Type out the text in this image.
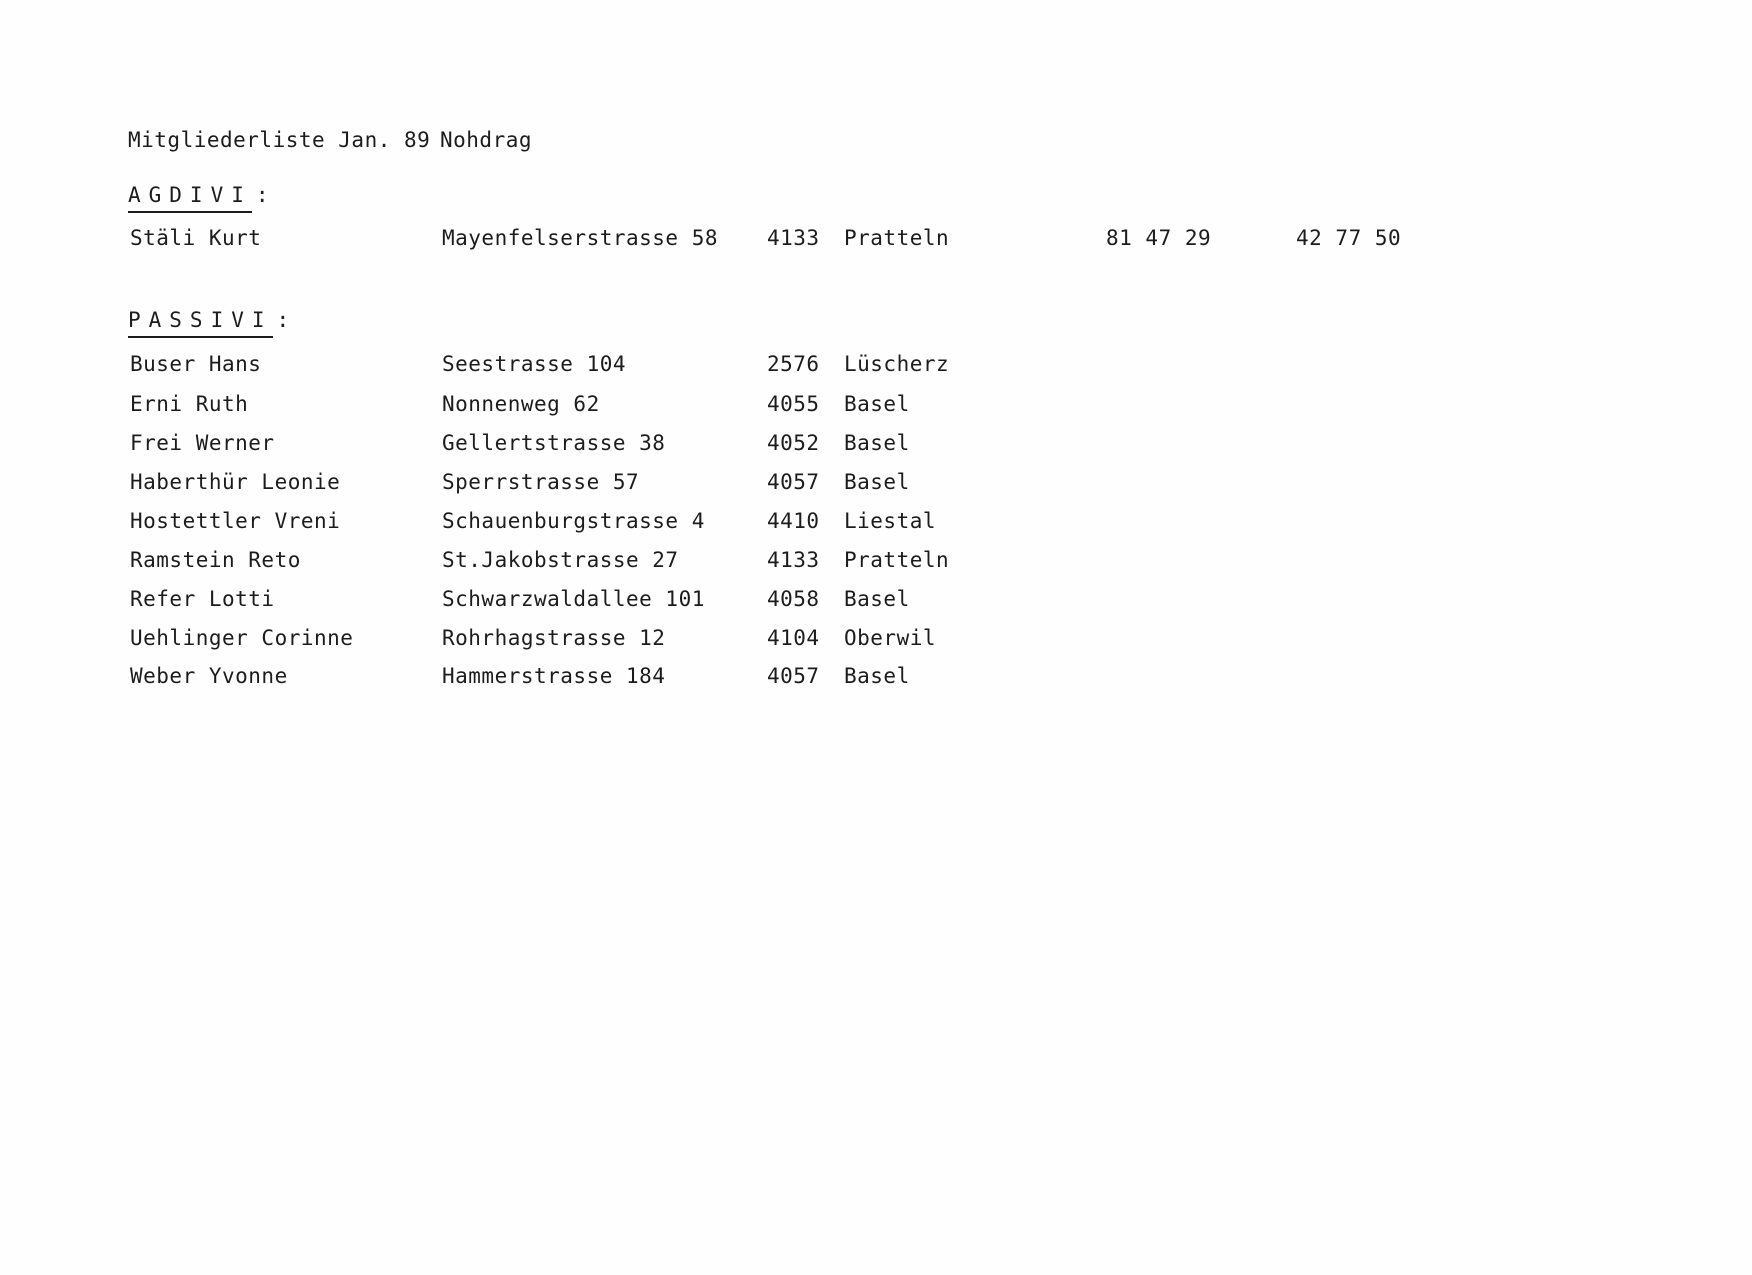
Mitgliederliste Jan. 89 Nohdrag
AGDIVI :
Stäli Kurt	Mayenfelserstrasse 58 4133 Pratteln	81 47 29	42 77 50
PASSIVI :
Buser Hans	Seestrasse 104	2576 Lüscherz
Erni Ruth	Nonnenweg 62	4055 Basel
Frei Werner	Gellertstrasse 38	4052 Basel
Haberthür Leonie	Sperrstrasse 57	4057 Basel
Hostettler Vreni	Schauenburgstrasse 4	4410 Liestal
Ramstein Reto	St.Jakobstrasse 27	4133 Pratteln
Refer Lotti	Schwarzwaldallee 101	4058 Basel
Uehlinger Corinne	Rohrhagstrasse 12	4104 Oberwil
Weber Yvonne	Hammerstrasse 184	4057 Basel
